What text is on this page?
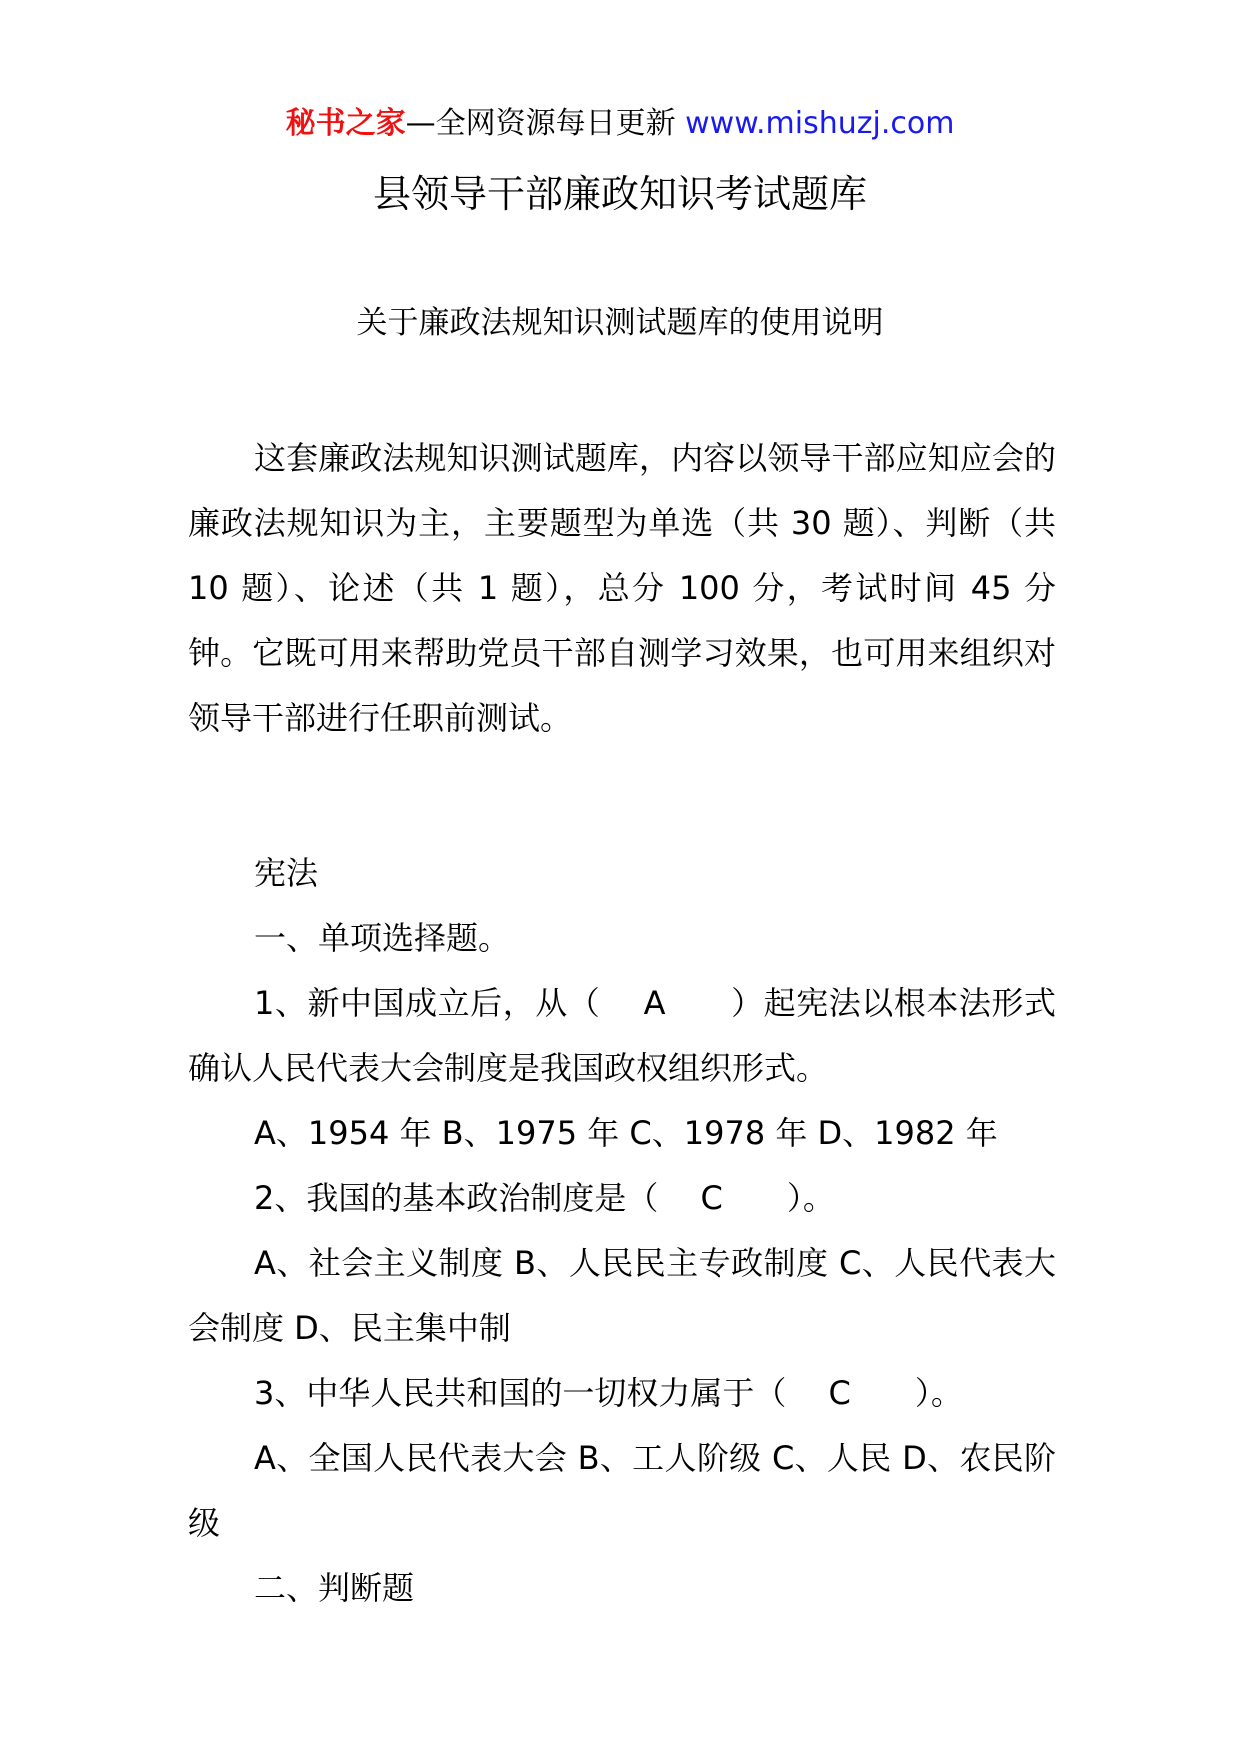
秘书之家—全网资源每日更新 www.mishuzj.com
县领导干部廉政知识考试题库
关于廉政法规知识测试题库的使用说明

这套廉政法规知识测试题库，内容以领导干部应知应会的廉政法规知识为主，主要题型为单选（共 30 题）、判断（共 10 题）、论述（共 1 题），总分 100 分，考试时间 45 分钟。它既可用来帮助党员干部自测学习效果，也可用来组织对领导干部进行任职前测试。

宪法

一、单项选择题。

1、新中国成立后，从（　 A　　）起宪法以根本法形式确认人民代表大会制度是我国政权组织形式。

A、1954 年 B、1975 年 C、1978 年 D、1982 年

2、我国的基本政治制度是（　 C　　）。

A、社会主义制度 B、人民民主专政制度 C、人民代表大会制度 D、民主集中制

3、中华人民共和国的一切权力属于（　 C　　）。

A、全国人民代表大会 B、工人阶级 C、人民 D、农民阶级

二、判断题
